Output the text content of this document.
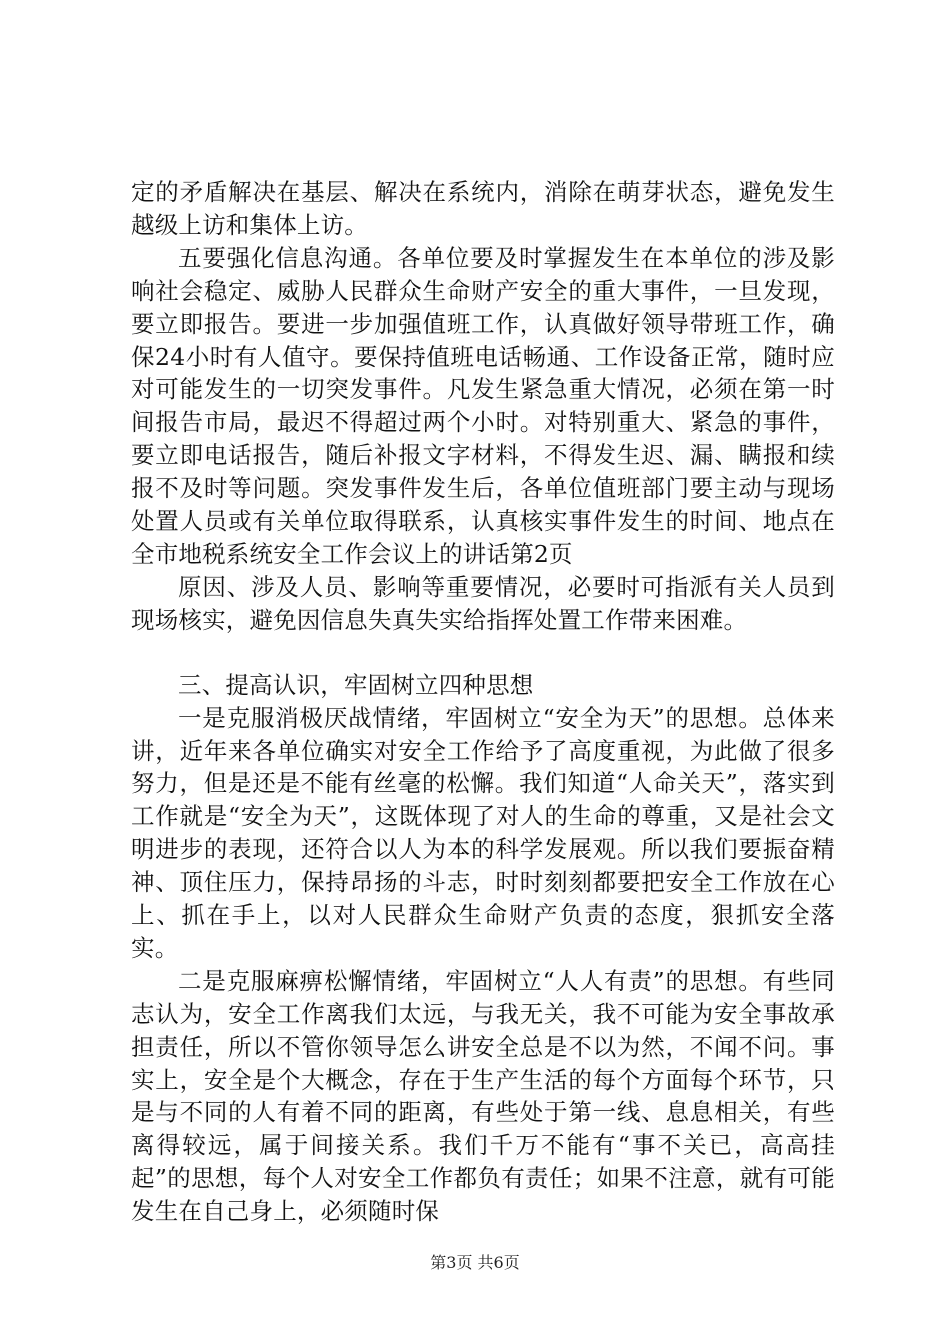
定的矛盾解决在基层、解决在系统内，消除在萌芽状态，避免发生越级上访和集体上访。

五要强化信息沟通。各单位要及时掌握发生在本单位的涉及影响社会稳定、威胁人民群众生命财产安全的重大事件，一旦发现，要立即报告。要进一步加强值班工作，认真做好领导带班工作，确保24小时有人值守。要保持值班电话畅通、工作设备正常，随时应对可能发生的一切突发事件。凡发生紧急重大情况，必须在第一时间报告市局，最迟不得超过两个小时。对特别重大、紧急的事件，要立即电话报告，随后补报文字材料，不得发生迟、漏、瞒报和续报不及时等问题。突发事件发生后，各单位值班部门要主动与现场处置人员或有关单位取得联系，认真核实事件发生的时间、地点在全市地税系统安全工作会议上的讲话第2页

原因、涉及人员、影响等重要情况，必要时可指派有关人员到现场核实，避免因信息失真失实给指挥处置工作带来困难。

三、提高认识，牢固树立四种思想

一是克服消极厌战情绪，牢固树立“安全为天”的思想。总体来讲，近年来各单位确实对安全工作给予了高度重视，为此做了很多努力，但是还是不能有丝毫的松懈。我们知道“人命关天”，落实到工作就是“安全为天”，这既体现了对人的生命的尊重，又是社会文明进步的表现，还符合以人为本的科学发展观。所以我们要振奋精神、顶住压力，保持昂扬的斗志，时时刻刻都要把安全工作放在心上、抓在手上，以对人民群众生命财产负责的态度，狠抓安全落实。

二是克服麻痹松懈情绪，牢固树立“人人有责”的思想。有些同志认为，安全工作离我们太远，与我无关，我不可能为安全事故承担责任，所以不管你领导怎么讲安全总是不以为然，不闻不问。事实上，安全是个大概念，存在于生产生活的每个方面每个环节，只是与不同的人有着不同的距离，有些处于第一线、息息相关，有些离得较远，属于间接关系。我们千万不能有“事不关已，高高挂起”的思想，每个人对安全工作都负有责任；如果不注意，就有可能发生在自己身上，必须随时保

第3页 共6页
